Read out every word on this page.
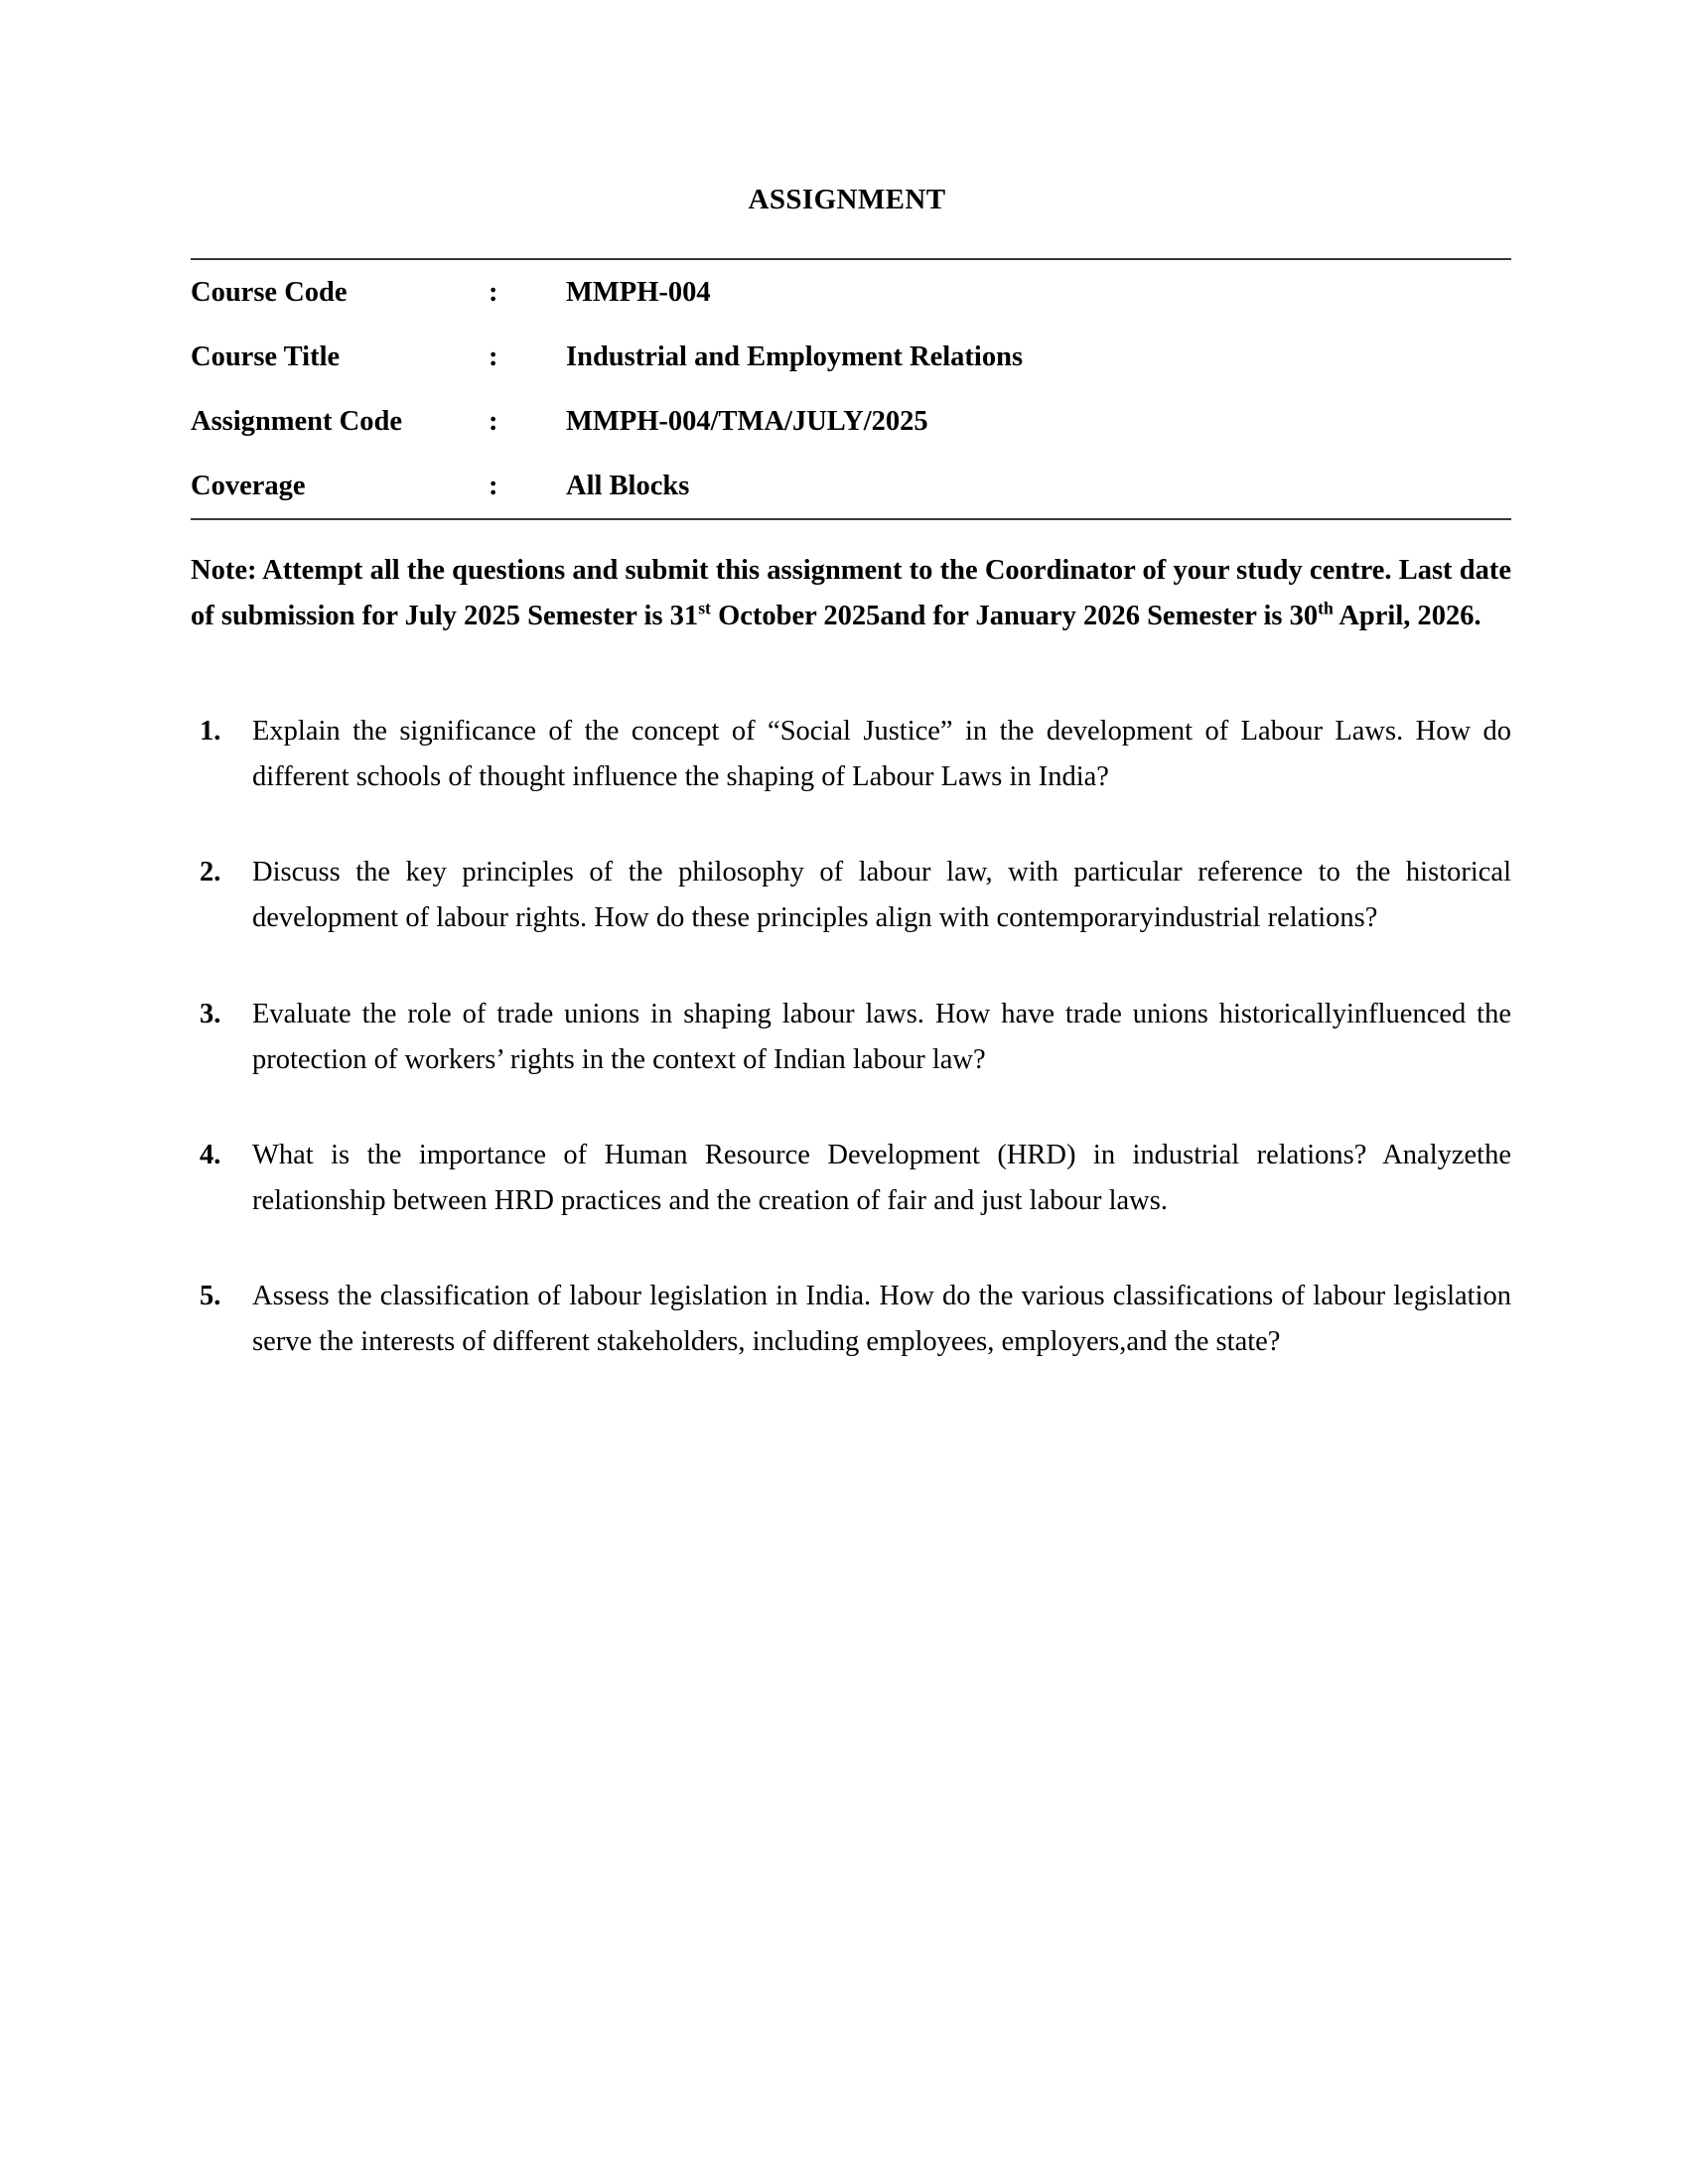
ASSIGNMENT
Course Code	:	MMPH-004
Course Title	:	Industrial and Employment Relations
Assignment Code	:	MMPH-004/TMA/JULY/2025
Coverage	:	All Blocks

Note: Attempt all the questions and submit this assignment to the Coordinator of your study centre. Last date of submission for July 2025 Semester is 31st October 2025and for January 2026 Semester is 30th April, 2026.

1. Explain the significance of the concept of “Social Justice” in the development of Labour Laws. How do different schools of thought influence the shaping of Labour Laws in India?
2. Discuss the key principles of the philosophy of labour law, with particular reference to the historical development of labour rights. How do these principles align with contemporaryindustrial relations?
3. Evaluate the role of trade unions in shaping labour laws. How have trade unions historicallyinfluenced the protection of workers’ rights in the context of Indian labour law?
4. What is the importance of Human Resource Development (HRD) in industrial relations? Analyzethe relationship between HRD practices and the creation of fair and just labour laws.
5. Assess the classification of labour legislation in India. How do the various classifications of labour legislation serve the interests of different stakeholders, including employees, employers,and the state?
